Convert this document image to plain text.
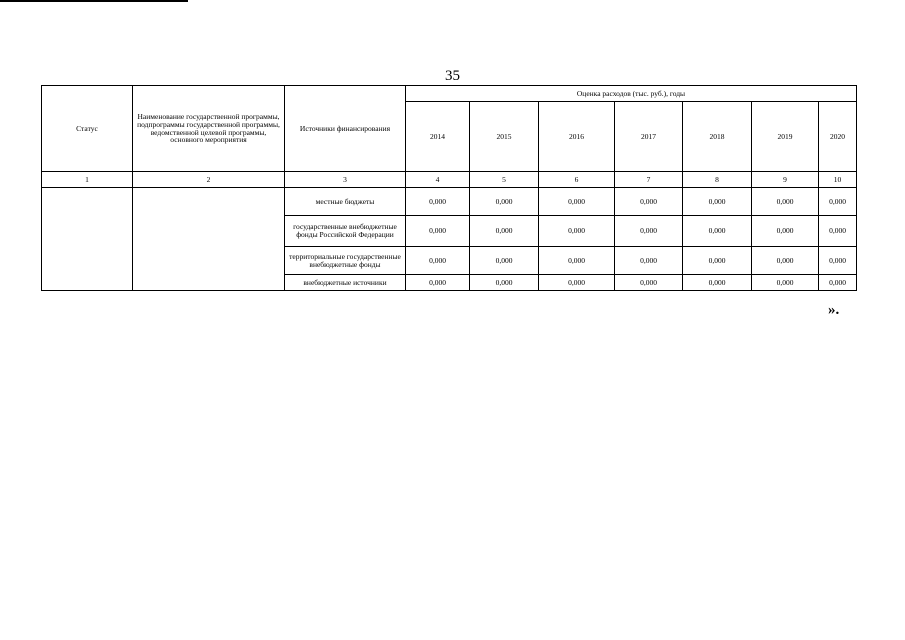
35
Статус	Наименование государственной программы, подпрограммы государственной программы, ведомственной целевой программы, основного мероприятия	Источники финансирования	Оценка расходов (тыс. руб.), годы						
			2014	2015	2016	2017	2018	2019	2020
1	2	3	4	5	6	7	8	9	10
		местные бюджеты	0,000	0,000	0,000	0,000	0,000	0,000	0,000
		государственные внебюджетные фонды Российской Федерации	0,000	0,000	0,000	0,000	0,000	0,000	0,000
		территориальные государственные внебюджетные фонды	0,000	0,000	0,000	0,000	0,000	0,000	0,000
		внебюджетные источники	0,000	0,000	0,000	0,000	0,000	0,000	0,000
».
